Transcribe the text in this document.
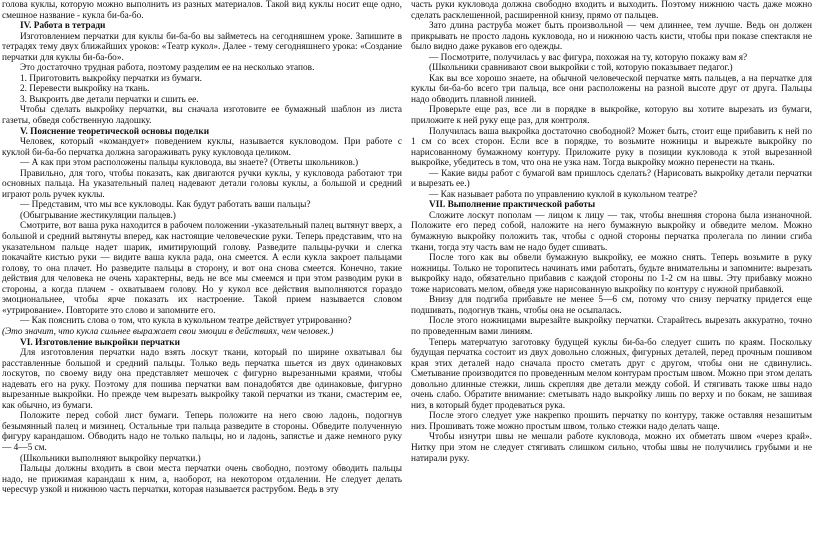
голова куклы, которую можно выполнить из разных материалов. Такой вид куклы носит еще одно, смешное название - кукла би-ба-бо.

IV. Работа в тетради

Изготовлением перчатки для куклы би-ба-бо вы займетесь на сегодняшнем уроке. Запишите в тетрадях тему двух ближайших уроков: «Театр кукол». Далее - тему сегодняшнего урока: «Создание перчатки для куклы би-ба-бо».

Это достаточно трудная работа, поэтому разделим ее на несколько этапов.

1. Приготовить выкройку перчатки из бумаги.

2. Перевести выкройку на ткань.

3. Выкроить две детали перчатки и сшить ее.

Чтобы сделать выкройку перчатки, вы сначала изготовите ее бумажный шаблон из листа газеты, обведя собственную ладошку.

V. Пояснение теоретической основы поделки

Человек, который «командует» поведением куклы, называется кукловодом. При работе с куклой би-ба-бо перчатка должна загораживать руку кукловода целиком.

— А как при этом расположены пальцы кукловода, вы знаете? (Ответы школьников.)

Правильно, для того, чтобы показать, как двигаются ручки куклы, у кукловода работают три основных пальца. На указательный палец надевают детали головы куклы, а большой и средний играют роль ручек куклы.

— Представим, что мы все кукловоды. Как будут работать ваши пальцы?

(Обыгрывание жестикуляции пальцев.)

Смотрите, вот ваша рука находится в рабочем положении -указательный палец вытянут вверх, а большой и средний вытянуты вперед, как настоящие человеческие руки. Теперь представим, что на указательном пальце надет шарик, имитирующий голову. Разведите пальцы-ручки и слегка покачайте кистью руки — видите ваша кукла рада, она смеется. А если кукла закроет пальцами голову, то она плачет. Но разведите пальцы в сторону, и вот она снова смеется. Конечно, такие действия для человека не очень характерны, ведь не все мы смеемся и при этом разводим руки в стороны, а когда плачем - охватываем голову. Но у кукол все действия выполняются гораздо эмоциональнее, чтобы ярче показать их настроение. Такой прием называется словом «утрирование». Повторите это слово и запомните его.

— Как пояснить слова о том, что кукла в кукольном театре действует утрированно?

(Это значит, что кукла сильнее выражает свои эмоции в действиях, чем человек.)

VI. Изготовление выкройки перчатки

Для изготовления перчатки надо взять лоскут ткани, который по ширине охватывал бы расставленные большой и средний пальцы. Только ведь перчатка шьется из двух одинаковых лоскутов, по своему виду она представляет мешочек с фигурно вырезанными краями, чтобы надевать его на руку. Поэтому для пошива перчатки вам понадобятся две одинаковые, фигурно вырезанные выкройки. Но прежде чем вырезать выкройку такой перчатки из ткани, смастерим ее, как обычно, из бумаги.

Положите перед собой лист бумаги. Теперь положите на него свою ладонь, подогнув безымянный палец и мизинец. Остальные три пальца разведите в стороны. Обведите полученную фигуру карандашом. Обводить надо не только пальцы, но и ладонь, запястье и даже немного руку — 4—5 см.

(Школьники выполняют выкройку перчатки.)

Пальцы должны входить в свои места перчатки очень свободно, поэтому обводить пальцы надо, не прижимая карандаш к ним, а, наоборот, на некотором отдалении. Не следует делать чересчур узкой и нижнюю часть перчатки, которая называется раструбом. Ведь в эту

часть руки кукловода должна свободно входить и выходить. Поэтому нижнюю часть даже можно сделать расклешенной, расширенной книзу, прямо от пальцев.

Зато длина раструба может быть произвольной — чем длиннее, тем лучше. Ведь он должен прикрывать не просто ладонь кукловода, но и нижнюю часть кисти, чтобы при показе спектакля не было видно даже рукавов его одежды.

— Посмотрите, получилась у вас фигура, похожая на ту, которую покажу вам я?

(Школьники сравнивают свои выкройки с той, которую показывает педагог.)

Как вы все хорошо знаете, на обычной человеческой перчатке мять пальцев, а на перчатке для куклы би-ба-бо всего три пальца, все они расположены на разной высоте друг от друга. Пальцы надо обводить плавной линией.

Проверьте еще раз, все ли в порядке в выкройке, которую вы хотите вырезать из бумаги, приложите к ней руку еще раз, для контроля.

Получилась ваша выкройка достаточно свободной? Может быть, стоит еще прибавить к ней по 1 см со всех сторон. Если все в порядке, то возьмите ножницы и вырежьте выкройку по нарисованному бумажному контуру. Приложите руку в позиции кукловода к этой вырезанной выкройке, убедитесь в том, что она не узка нам. Тогда выкройку можно перенести на ткань.

— Какие виды работ с бумагой вам пришлось сделать? (Нарисовать выкройку детали перчатки и вырезать ее.)

— Как называет работа по управлению куклой в кукольном театре?

VII. Выполнение практической работы

Сложите лоскут пополам — лицом к лицу — так, чтобы внешняя сторона была изнаночной. Положите его перед собой, наложите на него бумажную выкройку и обведите мелом. Можно бумажную выкройку положить так, чтобы с одной стороны перчатка пролегала по линии сгиба ткани, тогда эту часть вам не надо будет сшивать.

После того как вы обвели бумажную выкройку, ее можно снять. Теперь возьмите в руку ножницы. Только не торопитесь начинать ими работать, будьте внимательны и запомните: вырезать выкройку надо, обязательно прибавив с каждой стороны по 1-2 см на швы. Эту прибавку можно тоже нарисовать мелом, обведя уже нарисованную выкройку по контуру с нужной прибавкой.

Внизу для подгиба прибавьте не менее 5—6 см, потому что снизу перчатку придется еще подшивать, подогнув ткань, чтобы она не осыпалась.

После этого ножницами вырезайте выкройку перчатки. Старайтесь вырезать аккуратно, точно по проведенным вами линиям.

Теперь матерчатую заготовку будущей куклы би-ба-бо следует сшить по краям. Поскольку будущая перчатка состоит из двух довольно сложных, фигурных деталей, перед прочным пошивом края этих деталей надо сначала просто сметать друг с другом, чтобы они не сдвинулись. Сметывание производится по проведенным мелом контурам простым швом. Можно при этом делать довольно длинные стежки, лишь скрепляя две детали между собой. И стягивать также швы надо очень слабо. Обратите внимание: сметывать надо выкройку лишь по верху и по бокам, не зашивая низ, в который будет продеваться рука.

После этого следует уже накрепко прошить перчатку по контуру, также оставляя незашитым низ. Прошивать тоже можно простым швом, только стежки надо делать чаще.

Чтобы изнутри швы не мешали работе кукловода, можно их обметать швом «через край». Нитку при этом не следует стягивать слишком сильно, чтобы швы не получились грубыми и не натирали руку.
